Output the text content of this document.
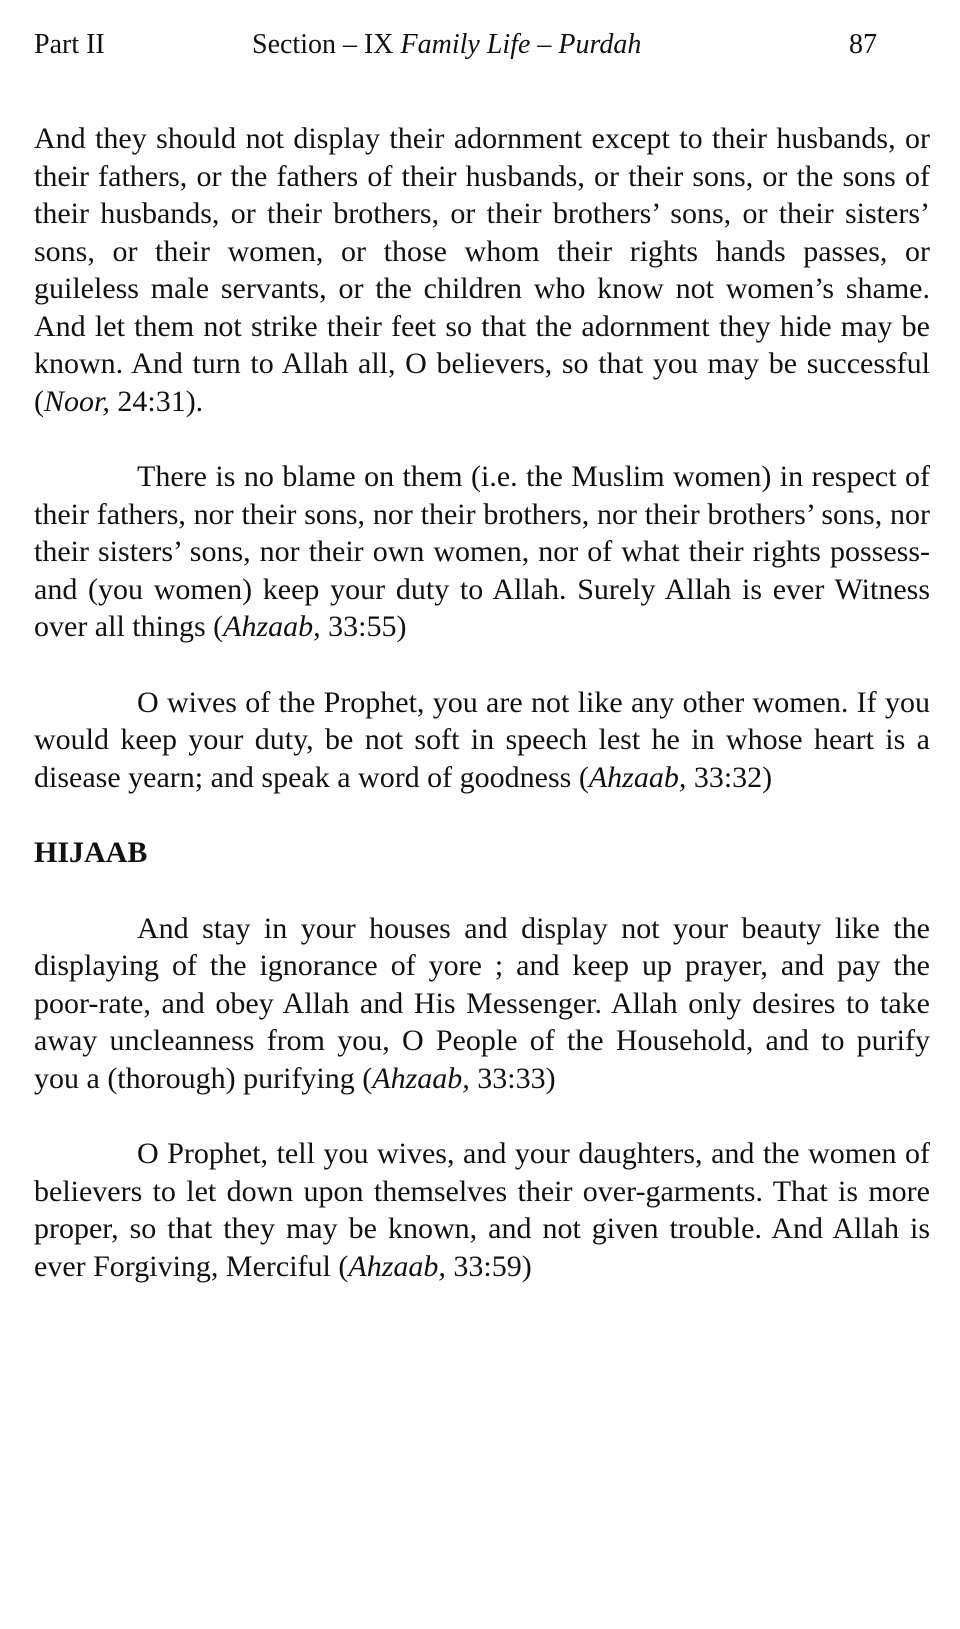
Part II	Section – IX Family Life – Purdah	87

And they should not display their adornment except to their husbands, or their fathers, or the fathers of their husbands, or their sons, or the sons of their husbands, or their brothers, or their brothers’ sons, or their sisters’ sons, or their women, or those whom their rights hands passes, or guileless male servants, or the children who know not women’s shame. And let them not strike their feet so that the adornment they hide may be known. And turn to Allah all, O believers, so that you may be successful (Noor, 24:31).

There is no blame on them (i.e. the Muslim women) in respect of their fathers, nor their sons, nor their brothers, nor their brothers’ sons, nor their sisters’ sons, nor their own women, nor of what their rights possess-and (you women) keep your duty to Allah. Surely Allah is ever Witness over all things (Ahzaab, 33:55)

O wives of the Prophet, you are not like any other women. If you would keep your duty, be not soft in speech lest he in whose heart is a disease yearn; and speak a word of goodness (Ahzaab, 33:32)

HIJAAB

And stay in your houses and display not your beauty like the displaying of the ignorance of yore ; and keep up prayer, and pay the poor-rate, and obey Allah and His Messenger. Allah only desires to take away uncleanness from you, O People of the Household, and to purify you a (thorough) purifying (Ahzaab, 33:33)

O Prophet, tell you wives, and your daughters, and the women of believers to let down upon themselves their over-garments. That is more proper, so that they may be known, and not given trouble. And Allah is ever Forgiving, Merciful (Ahzaab, 33:59)
